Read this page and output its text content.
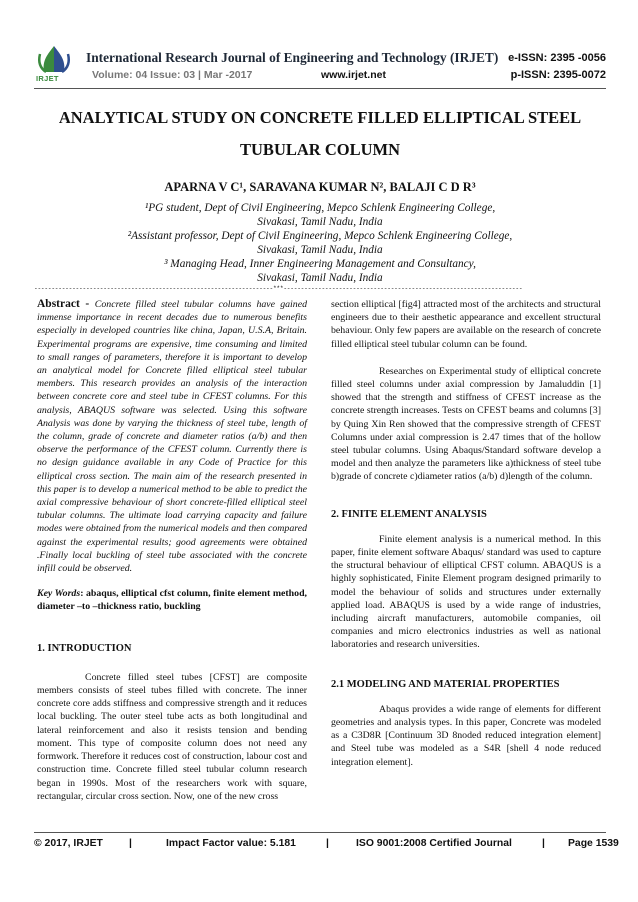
IRJET
International Research Journal of Engineering and Technology (IRJET) e-ISSN: 2395 -0056
Volume: 04 Issue: 03 | Mar -2017	www.irjet.net	p-ISSN: 2395-0072
ANALYTICAL STUDY ON CONCRETE FILLED ELLIPTICAL STEEL
TUBULAR COLUMN
APARNA V C¹, SARAVANA KUMAR N², BALAJI C D R³
¹PG student, Dept of Civil Engineering, Mepco Schlenk Engineering College,
Sivakasi, Tamil Nadu, India
²Assistant professor, Dept of Civil Engineering, Mepco Schlenk Engineering College,
Sivakasi, Tamil Nadu, India
³ Managing Head, Inner Engineering Management and Consultancy,
Sivakasi, Tamil Nadu, India
---------------------------------------------------------------------***---------------------------------------------------------------------

Abstract - Concrete filled steel tubular columns have gained immense importance in recent decades due to numerous benefits especially in developed countries like china, Japan, U.S.A, Britain. Experimental programs are expensive, time consuming and limited to small ranges of parameters, therefore it is important to develop an analytical model for Concrete filled elliptical steel tubular members. This research provides an analysis of the interaction between concrete core and steel tube in CFEST columns. For this analysis, ABAQUS software was selected. Using this software Analysis was done by varying the thickness of steel tube, length of the column, grade of concrete and diameter ratios (a/b) and then observe the performance of the CFEST column. Currently there is no design guidance available in any Code of Practice for this elliptical cross section. The main aim of the research presented in this paper is to develop a numerical method to be able to predict the axial compressive behaviour of short concrete-filled elliptical steel tubular columns. The ultimate load carrying capacity and failure modes were obtained from the numerical models and then compared against the experimental results; good agreements were obtained .Finally local buckling of steel tube associated with the concrete infill could be observed.

Key Words: abaqus, elliptical cfst column, finite element method, diameter –to –thickness ratio, buckling

1. INTRODUCTION

Concrete filled steel tubes [CFST] are composite members consists of steel tubes filled with concrete. The inner concrete core adds stiffness and compressive strength and it reduces local buckling. The outer steel tube acts as both longitudinal and lateral reinforcement and also it resists tension and bending moment. This type of composite column does not need any formwork. Therefore it reduces cost of construction, labour cost and construction time. Concrete filled steel tubular column research began in 1990s. Most of the researchers work with square, rectangular, circular cross section. Now, one of the new cross

section elliptical [fig4] attracted most of the architects and structural engineers due to their aesthetic appearance and excellent structural behaviour. Only few papers are available on the research of concrete filled elliptical steel tubular column can be found.

Researches on Experimental study of elliptical concrete filled steel columns under axial compression by Jamaluddin [1] showed that the strength and stiffness of CFEST increase as the concrete strength increases. Tests on CFEST beams and columns [3] by Quing Xin Ren showed that the compressive strength of CFEST Columns under axial compression is 2.47 times that of the hollow steel tubular columns. Using Abaqus/Standard software develop a model and then analyze the parameters like a)thickness of steel tube b)grade of concrete c)diameter ratios (a/b) d)length of the column.

2. FINITE ELEMENT ANALYSIS

Finite element analysis is a numerical method. In this paper, finite element software Abaqus/ standard was used to capture the structural behaviour of elliptical CFST column. ABAQUS is a highly sophisticated, Finite Element program designed primarily to model the behaviour of solids and structures under externally applied load. ABAQUS is used by a wide range of industries, including aircraft manufacturers, automobile companies, oil companies and micro electronics industries as well as national laboratories and research universities.

2.1 MODELING AND MATERIAL PROPERTIES

Abaqus provides a wide range of elements for different geometries and analysis types. In this paper, Concrete was modeled as a C3D8R [Continuum 3D 8noded reduced integration element] and Steel tube was modeled as a S4R [shell 4 node reduced integration element].

© 2017, IRJET	|	Impact Factor value: 5.181	|	ISO 9001:2008 Certified Journal	| Page 1539
